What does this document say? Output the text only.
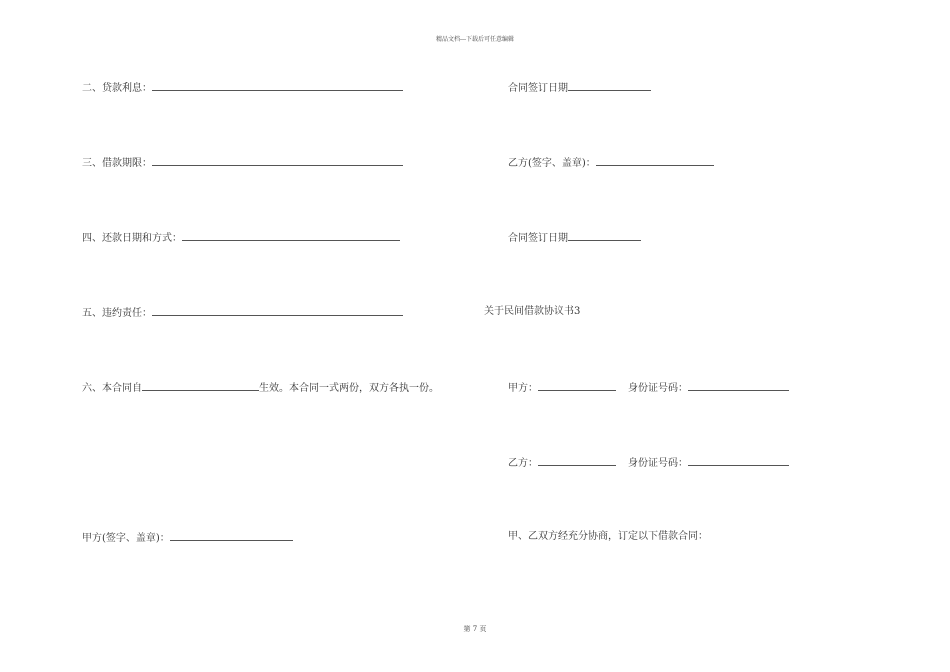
精品文档---下载后可任意编辑
二、贷款利息：
三、借款期限：
四、还款日期和方式：
五、违约责任：
六、本合同自	生效。本合同一式两份，双方各执一份。
甲方(签字、盖章)：
合同签订日期
乙方(签字、盖章)：
合同签订日期
关于民间借款协议书3
甲方：	身份证号码：
乙方：	身份证号码：
甲、乙双方经充分协商，订定以下借款合同：
第 7 页
